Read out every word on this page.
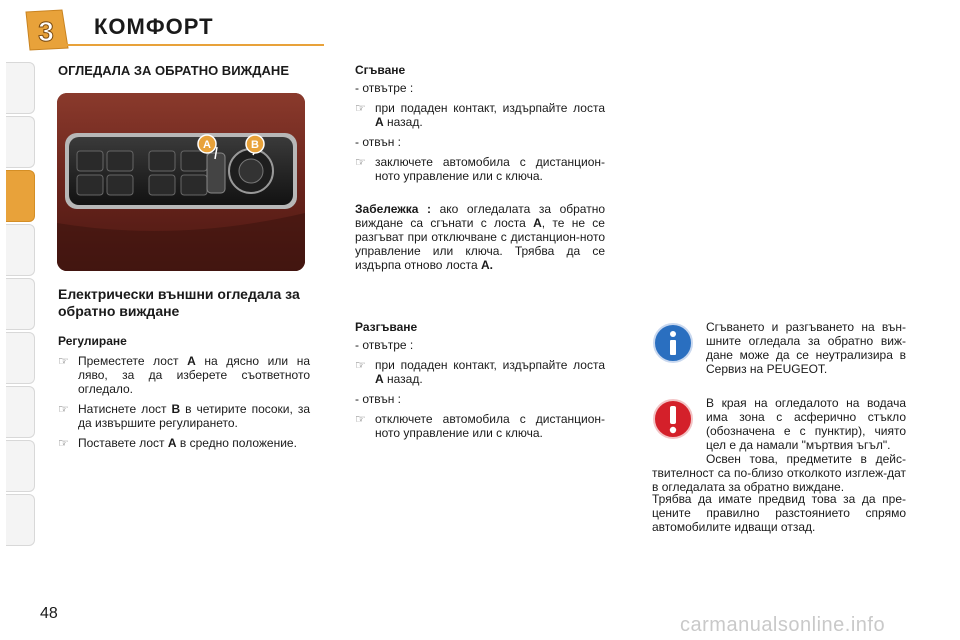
3 КОМФОРТ
ОГЛЕДАЛА ЗА ОБРАТНО ВИЖДАНЕ
A	B
Електрически външни огледала за обратно виждане

Регулиране

☞ Преместете лост A на дясно или на ляво, за да изберете съответното огледало.
☞ Натиснете лост B в четирите посоки, за да извършите регулирането.
☞ Поставете лост A в средно положение.

Сгъване

- отвътре :

☞ при подаден контакт, издърпайте лоста A назад.

- отвън :

☞ заключете автомобила с дистанцион-ното управление или с ключа.
Забележка : ако огледалата за обратно виждане са сгънати с лоста A, те не се разгъват при отключване с дистанцион-ното управление или ключа. Трябва да се издърпа отново лоста A.

Разгъване

- отвътре :

☞ при подаден контакт, издърпайте лоста A назад.

- отвън :

☞ отключете автомобила с дистанцион-ното управление или с ключа.
Сгъването и разгъването на вън-шните огледала за обратно виж-дане може да се неутрализира в Сервиз на PEUGEOT.
В края на огледалото на водача има зона с асферично стъкло (обозначена е с пунктир), чиято цел е да намали "мъртвия ъгъл".
Освен това, предметите в дейс-твителност са по-близо отколкото изглеж-дат в огледалата за обратно виждане.
Трябва да имате предвид това за да пре-цените правилно разстоянието спрямо автомобилите идващи отзад.
48
carmanualsonline.info
